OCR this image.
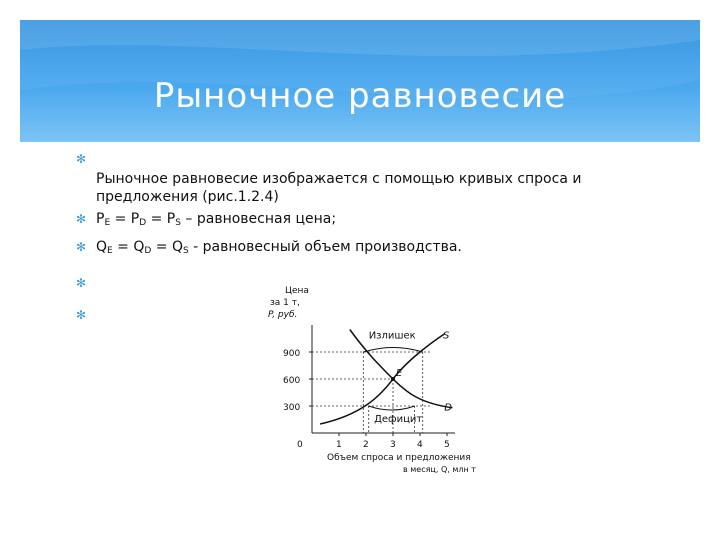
Рыночное равновесие
✻
Рыночное равновесие изображается с помощью кривых спроса и предложения (рис.1.2.4)
✻ $P_E = P_D = P_S$ – равновесная цена;
✻ $Q_E = Q_D = Q_S$ - равновесный объем производства.
✻
✻
Цена
за 1 т,
P, руб.
300
600
900
0	1 2 3 4 5
S
D
E
Излишек
Дефицит
Объем спроса и предложения
в месяц, Q, млн т
